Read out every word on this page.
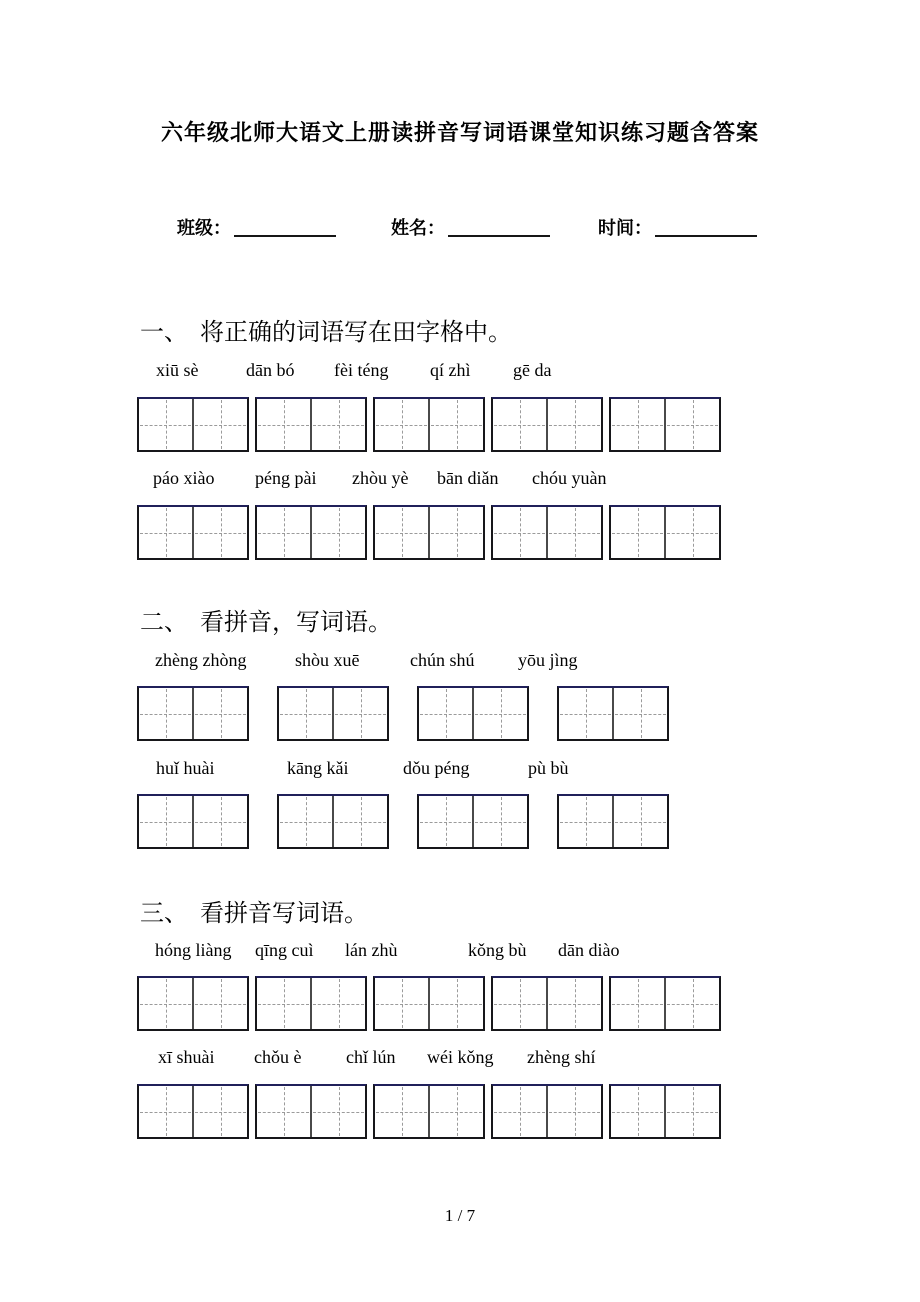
六年级北师大语文上册读拼音写词语课堂知识练习题含答案
班级：	姓名：	时间：
一、　将正确的词语写在田字格中。
xiū sè	dān bó fèi téng qí zhì gē da
páo xiào péng pài zhòu yè bān diǎn chóu yuàn
二、　看拼音，写词语。
zhèng zhòng	shòu xuē	chún shú yōu jìng
huǐ huài	kāng kǎi	dǒu péng	pù bù
三、　看拼音写词语。
hóng liàng qīng cuì lán zhù	kǒng bù dān diào
xī shuài chǒu è chǐ lún wéi kǒng zhèng shí
1 / 7
